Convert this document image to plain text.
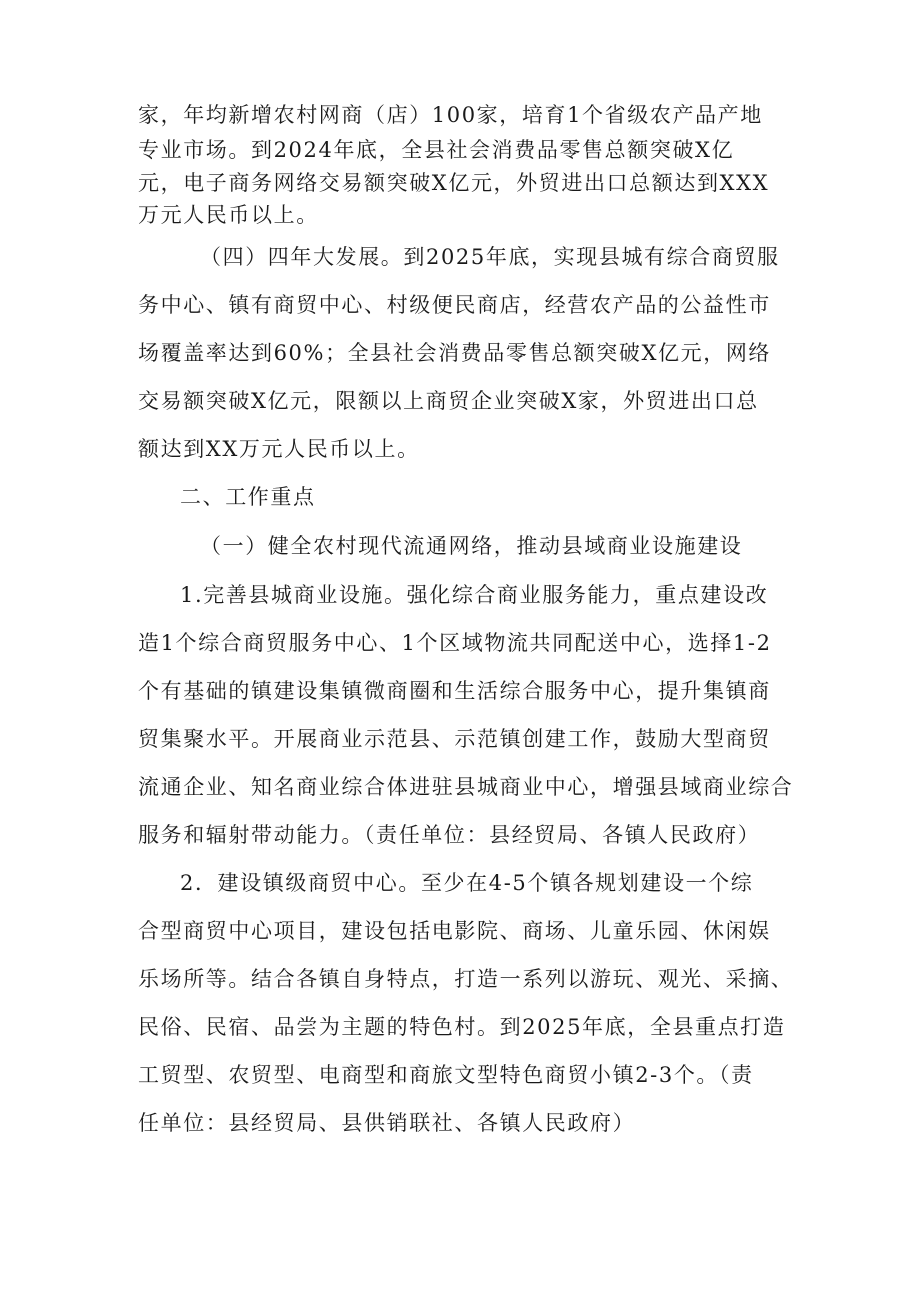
家，年均新增农村网商（店）100家，培育1个省级农产品产地
专业市场。到2024年底，全县社会消费品零售总额突破X亿
元，电子商务网络交易额突破X亿元，外贸进出口总额达到XXX
万元人民币以上。
（四）四年大发展。到2025年底，实现县城有综合商贸服
务中心、镇有商贸中心、村级便民商店，经营农产品的公益性市
场覆盖率达到60%；全县社会消费品零售总额突破X亿元，网络
交易额突破X亿元，限额以上商贸企业突破X家，外贸进出口总
额达到XX万元人民币以上。
二、工作重点
（一）健全农村现代流通网络，推动县域商业设施建设
1.完善县城商业设施。强化综合商业服务能力，重点建设改
造1个综合商贸服务中心、1个区域物流共同配送中心，选择1-2
个有基础的镇建设集镇微商圈和生活综合服务中心，提升集镇商
贸集聚水平。开展商业示范县、示范镇创建工作，鼓励大型商贸
流通企业、知名商业综合体进驻县城商业中心，增强县域商业综合
服务和辐射带动能力。（责任单位：县经贸局、各镇人民政府）
2．建设镇级商贸中心。至少在4-5个镇各规划建设一个综
合型商贸中心项目，建设包括电影院、商场、儿童乐园、休闲娱
乐场所等。结合各镇自身特点，打造一系列以游玩、观光、采摘、
民俗、民宿、品尝为主题的特色村。到2025年底，全县重点打造
工贸型、农贸型、电商型和商旅文型特色商贸小镇2-3个。（责
任单位：县经贸局、县供销联社、各镇人民政府）
